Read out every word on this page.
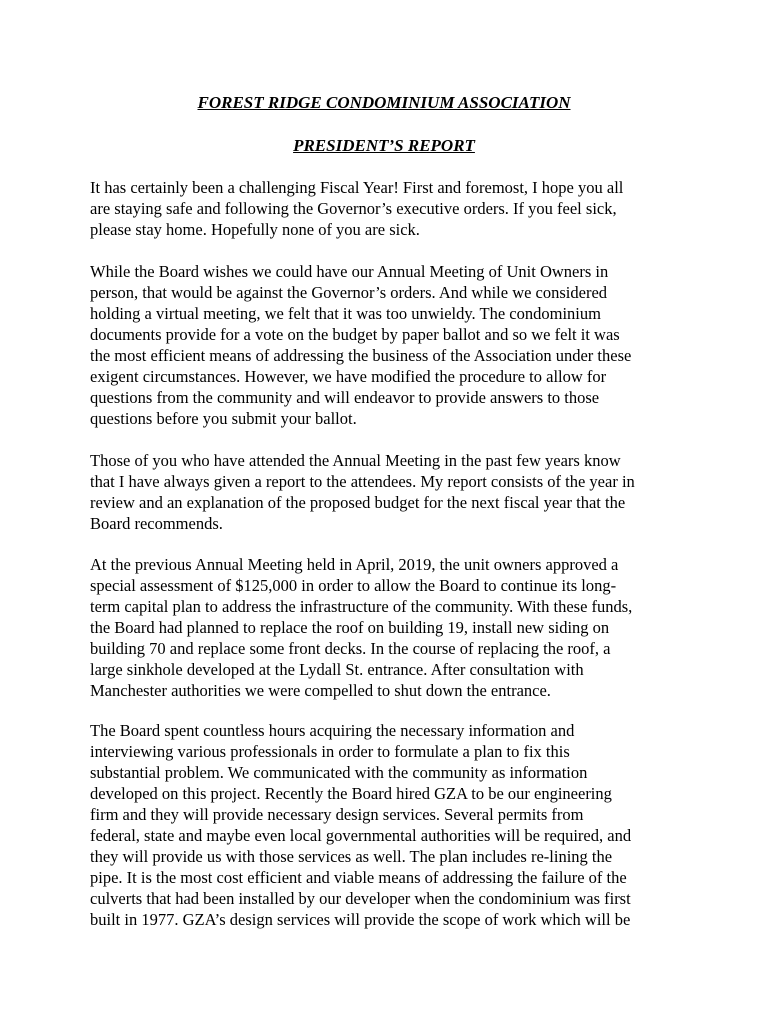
FOREST RIDGE CONDOMINIUM ASSOCIATION
PRESIDENT’S REPORT
It has certainly been a challenging Fiscal Year! First and foremost, I hope you all
are staying safe and following the Governor’s executive orders. If you feel sick,
please stay home. Hopefully none of you are sick.
While the Board wishes we could have our Annual Meeting of Unit Owners in
person, that would be against the Governor’s orders. And while we considered
holding a virtual meeting, we felt that it was too unwieldy. The condominium
documents provide for a vote on the budget by paper ballot and so we felt it was
the most efficient means of addressing the business of the Association under these
exigent circumstances. However, we have modified the procedure to allow for
questions from the community and will endeavor to provide answers to those
questions before you submit your ballot.
Those of you who have attended the Annual Meeting in the past few years know
that I have always given a report to the attendees. My report consists of the year in
review and an explanation of the proposed budget for the next fiscal year that the
Board recommends.
At the previous Annual Meeting held in April, 2019, the unit owners approved a
special assessment of $125,000 in order to allow the Board to continue its long-
term capital plan to address the infrastructure of the community. With these funds,
the Board had planned to replace the roof on building 19, install new siding on
building 70 and replace some front decks. In the course of replacing the roof, a
large sinkhole developed at the Lydall St. entrance. After consultation with
Manchester authorities we were compelled to shut down the entrance.
The Board spent countless hours acquiring the necessary information and
interviewing various professionals in order to formulate a plan to fix this
substantial problem. We communicated with the community as information
developed on this project. Recently the Board hired GZA to be our engineering
firm and they will provide necessary design services. Several permits from
federal, state and maybe even local governmental authorities will be required, and
they will provide us with those services as well. The plan includes re-lining the
pipe. It is the most cost efficient and viable means of addressing the failure of the
culverts that had been installed by our developer when the condominium was first
built in 1977. GZA’s design services will provide the scope of work which will be
